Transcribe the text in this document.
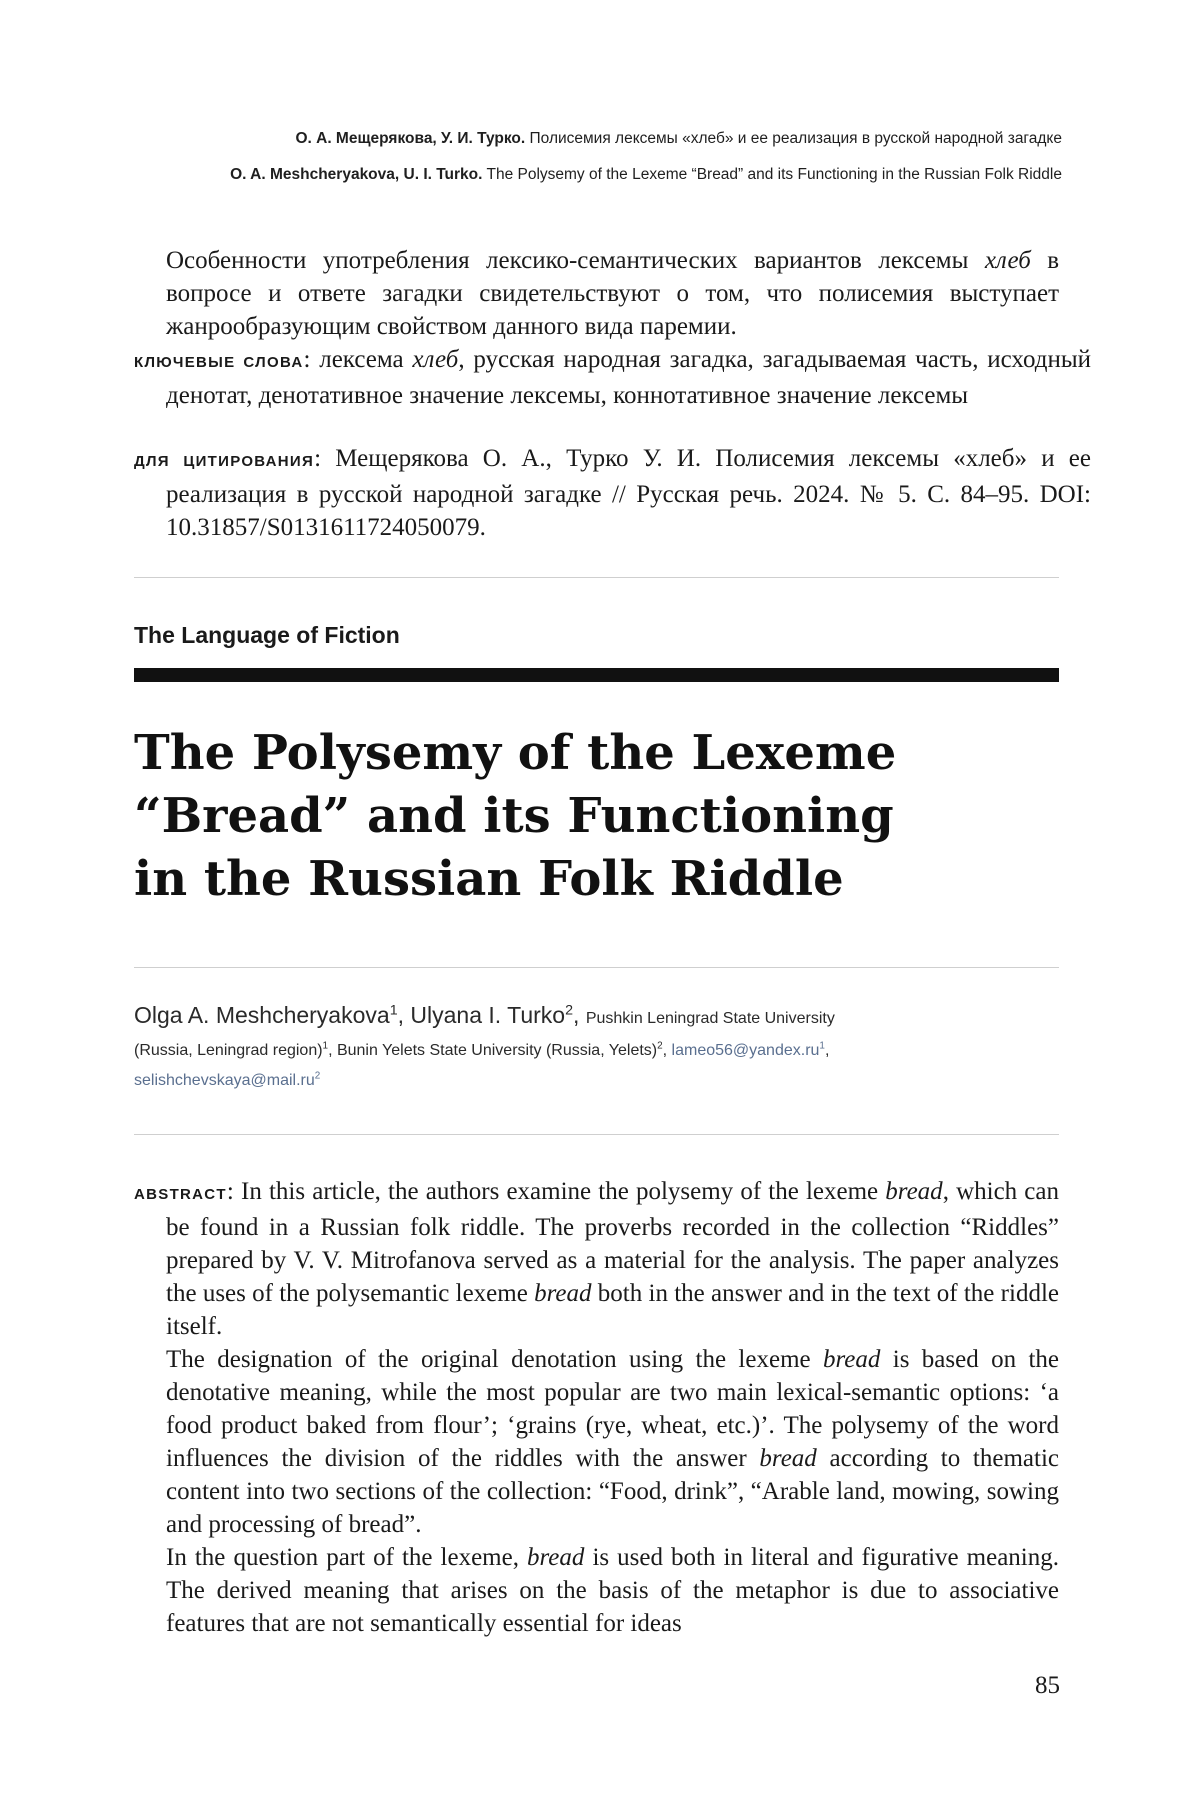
О. А. Мещерякова, У. И. Турко. Полисемия лексемы «хлеб» и ее реализация в русской народной загадке
O. A. Meshcheryakova, U. I. Turko. The Polysemy of the Lexeme “Bread” and its Functioning in the Russian Folk Riddle
Особенности употребления лексико-семантических вариантов лексемы хлеб в вопросе и ответе загадки свидетельствуют о том, что полисемия выступает жанрообразующим свойством данного вида паремии.
КЛЮЧЕВЫЕ СЛОВА: лексема хлеб, русская народная загадка, загадываемая часть, исходный денотат, денотативное значение лексемы, коннотативное значение лексемы
ДЛЯ ЦИТИРОВАНИЯ: Мещерякова О. А., Турко У. И. Полисемия лексемы «хлеб» и ее реализация в русской народной загадке // Русская речь. 2024. № 5. С. 84–95. DOI: 10.31857/S0131611724050079.
The Language of Fiction
The Polysemy of the Lexeme
“Bread” and its Functioning
in the Russian Folk Riddle
Olga A. Meshcheryakova$^1$, Ulyana I. Turko$^2$, Pushkin Leningrad State University
(Russia, Leningrad region)$^1$, Bunin Yelets State University (Russia, Yelets)$^2$, $lameo56@yandex.ru^1$,
$selishchevskaya@mail.ru^2$

ABSTRACT: In this article, the authors examine the polysemy of the lexeme bread, which can be found in a Russian folk riddle. The proverbs recorded in the collection “Riddles” prepared by V. V. Mitrofanova served as a material for the analysis. The paper analyzes the uses of the polysemantic lexeme bread both in the answer and in the text of the riddle itself.

The designation of the original denotation using the lexeme bread is based on the denotative meaning, while the most popular are two main lexical-semantic options: ‘a food product baked from flour’; ‘grains (rye, wheat, etc.)’. The polysemy of the word influences the division of the riddles with the answer bread according to thematic content into two sections of the collection: “Food, drink”, “Arable land, mowing, sowing and processing of bread”.

In the question part of the lexeme, bread is used both in literal and figurative meaning. The derived meaning that arises on the basis of the metaphor is due to associative features that are not semantically essential for ideas

85
